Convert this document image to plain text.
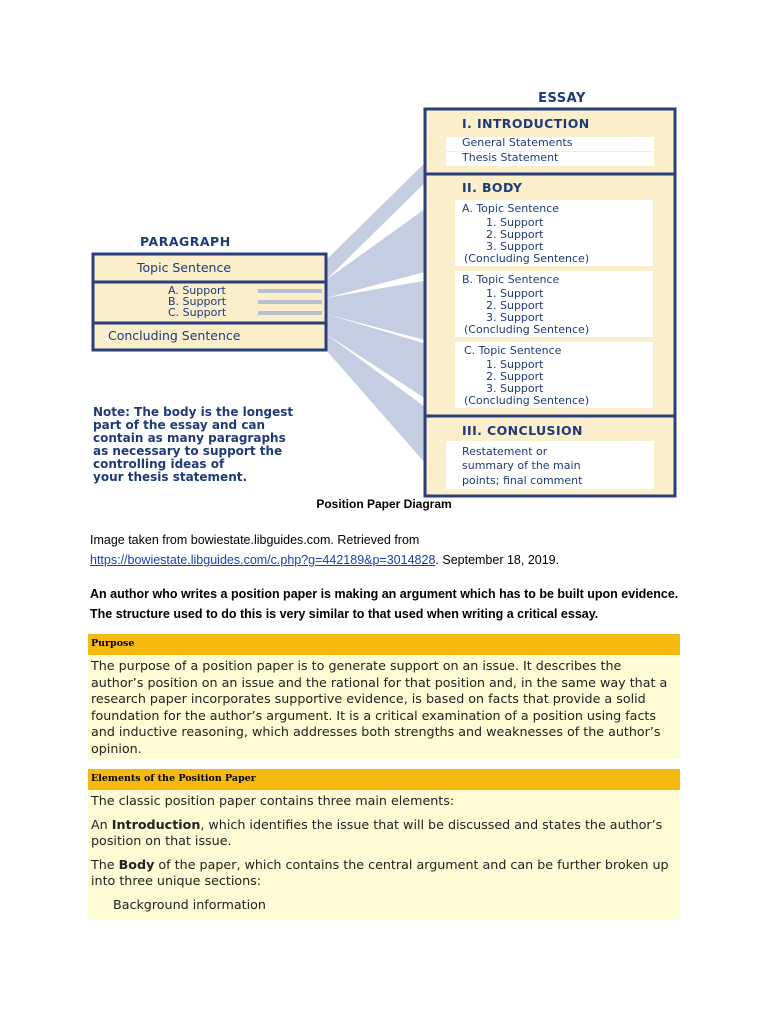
ESSAY
I. INTRODUCTION
General Statements
Thesis Statement
II. BODY
A. Topic Sentence
1. Support
2. Support
3. Support
(Concluding Sentence)
B. Topic Sentence
1. Support
2. Support
3. Support
(Concluding Sentence)
C. Topic Sentence
1. Support
2. Support
3. Support
(Concluding Sentence)
III. CONCLUSION
Restatement or
summary of the main
points; final comment
PARAGRAPH
Topic Sentence
A. Support
B. Support
C. Support
Concluding Sentence
Note: The body is the longest
part of the essay and can
contain as many paragraphs
as necessary to support the
controlling ideas of
your thesis statement.
Position Paper Diagram
Image taken from bowiestate.libguides.com. Retrieved from
https://bowiestate.libguides.com/c.php?g=442189&p=3014828. September 18, 2019.
An author who writes a position paper is making an argument which has to be built upon evidence. The structure used to do this is very similar to that used when writing a critical essay.
Purpose

The purpose of a position paper is to generate support on an issue. It describes the author’s position on an issue and the rational for that position and, in the same way that a research paper incorporates supportive evidence, is based on facts that provide a solid foundation for the author’s argument. It is a critical examination of a position using facts and inductive reasoning, which addresses both strengths and weaknesses of the author’s opinion.

Elements of the Position Paper

The classic position paper contains three main elements:

An Introduction, which identifies the issue that will be discussed and states the author’s position on that issue.

The Body of the paper, which contains the central argument and can be further broken up into three unique sections:

Background information
